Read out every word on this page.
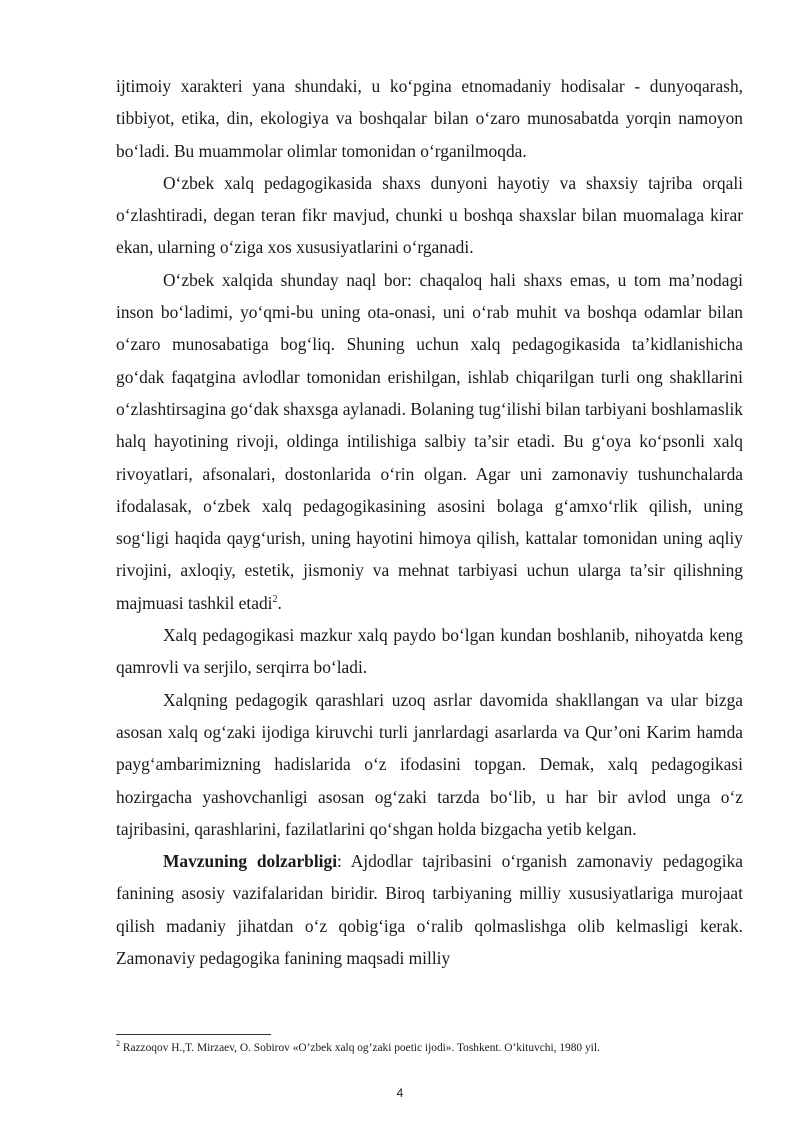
ijtimoiy xarakteri yana shundaki, u ko‘pgina etnomadaniy hodisalar - dunyoqarash, tibbiyot, etika, din, ekologiya va boshqalar bilan o‘zaro munosabatda yorqin namoyon bo‘ladi. Bu muammolar olimlar tomonidan o‘rganilmoqda.

O‘zbek xalq pedagogikasida shaxs dunyoni hayotiy va shaxsiy tajriba orqali o‘zlashtiradi, degan teran fikr mavjud, chunki u boshqa shaxslar bilan muomalaga kirar ekan, ularning o‘ziga xos xususiyatlarini o‘rganadi.

O‘zbek xalqida shunday naql bor: chaqaloq hali shaxs emas, u tom ma’nodagi inson bo‘ladimi, yo‘qmi-bu uning ota-onasi, uni o‘rab muhit va boshqa odamlar bilan o‘zaro munosabatiga bog‘liq. Shuning uchun xalq pedagogikasida ta’kidlanishicha go‘dak faqatgina avlodlar tomonidan erishilgan, ishlab chiqarilgan turli ong shakllarini o‘zlashtirsagina go‘dak shaxsga aylanadi. Bolaning tug‘ilishi bilan tarbiyani boshlamaslik halq hayotining rivoji, oldinga intilishiga salbiy ta’sir etadi. Bu g‘oya ko‘psonli xalq rivoyatlari, afsonalari, dostonlarida o‘rin olgan. Agar uni zamonaviy tushunchalarda ifodalasak, o‘zbek xalq pedagogikasining asosini bolaga g‘amxo‘rlik qilish, uning sog‘ligi haqida qayg‘urish, uning hayotini himoya qilish, kattalar tomonidan uning aqliy rivojini, axloqiy, estetik, jismoniy va mehnat tarbiyasi uchun ularga ta’sir qilishning majmuasi tashkil etadi$^2$.

Xalq pedagogikasi mazkur xalq paydo bo‘lgan kundan boshlanib, nihoyatda keng qamrovli va serjilo, serqirra bo‘ladi.

Xalqning pedagogik qarashlari uzoq asrlar davomida shakllangan va ular bizga asosan xalq og‘zaki ijodiga kiruvchi turli janrlardagi asarlarda va Qur’oni Karim hamda payg‘ambarimizning hadislarida o‘z ifodasini topgan. Demak, xalq pedagogikasi hozirgacha yashovchanligi asosan og‘zaki tarzda bo‘lib, u har bir avlod unga o‘z tajribasini, qarashlarini, fazilatlarini qo‘shgan holda bizgacha yetib kelgan.

Mavzuning dolzarbligi: Ajdodlar tajribasini o‘rganish zamonaviy pedagogika fanining asosiy vazifalaridan biridir. Biroq tarbiyaning milliy xususiyatlariga murojaat qilish madaniy jihatdan o‘z qobig‘iga o‘ralib qolmaslishga olib kelmasligi kerak. Zamonaviy pedagogika fanining maqsadi milliy

$^2$ Razzoqov H.,T. Mirzaev, O. Sobirov «O’zbek xalq og’zaki poetic ijodi». Toshkent. O’kituvchi, 1980 yil.
4
